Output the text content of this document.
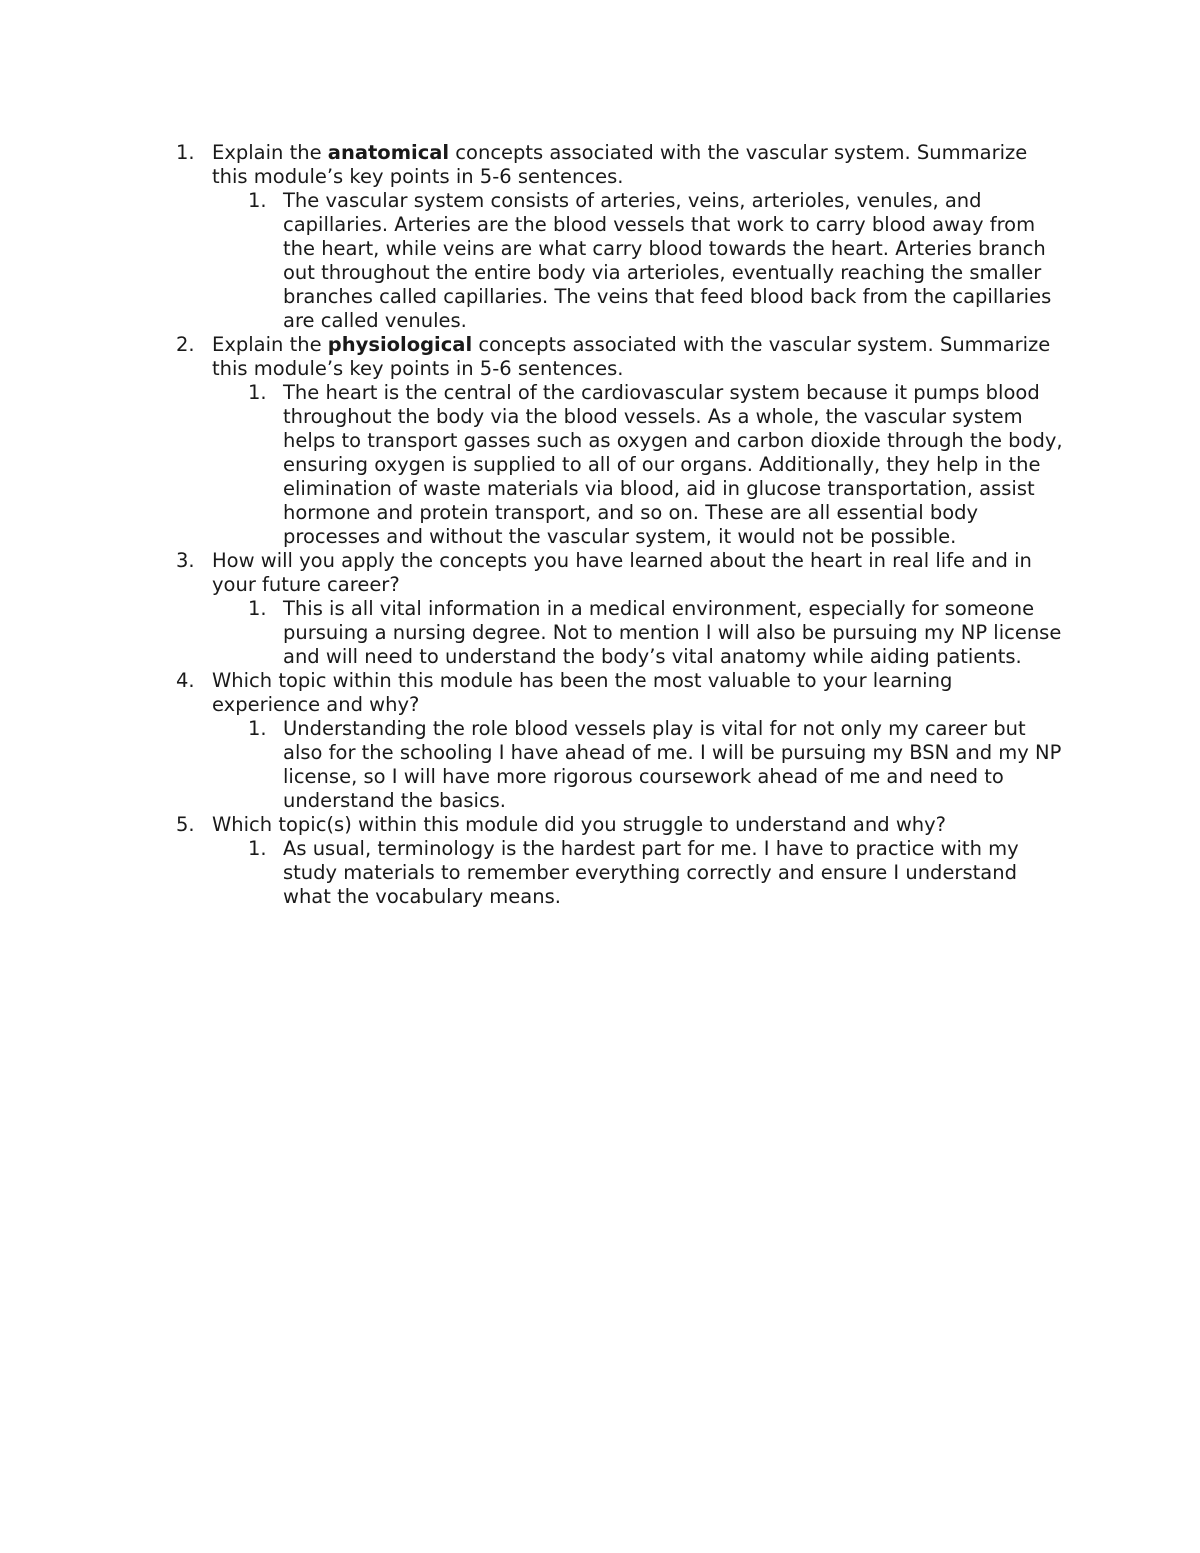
1. Explain the anatomical concepts associated with the vascular system. Summarize this module’s key points in 5-6 sentences.
1. The vascular system consists of arteries, veins, arterioles, venules, and capillaries. Arteries are the blood vessels that work to carry blood away from the heart, while veins are what carry blood towards the heart. Arteries branch out throughout the entire body via arterioles, eventually reaching the smaller branches called capillaries. The veins that feed blood back from the capillaries are called venules.
2. Explain the physiological concepts associated with the vascular system. Summarize this module’s key points in 5-6 sentences.
1. The heart is the central of the cardiovascular system because it pumps blood throughout the body via the blood vessels. As a whole, the vascular system helps to transport gasses such as oxygen and carbon dioxide through the body, ensuring oxygen is supplied to all of our organs. Additionally, they help in the elimination of waste materials via blood, aid in glucose transportation, assist hormone and protein transport, and so on. These are all essential body processes and without the vascular system, it would not be possible.
3. How will you apply the concepts you have learned about the heart in real life and in your future career?
1. This is all vital information in a medical environment, especially for someone pursuing a nursing degree. Not to mention I will also be pursuing my NP license and will need to understand the body’s vital anatomy while aiding patients.
4. Which topic within this module has been the most valuable to your learning experience and why?
1. Understanding the role blood vessels play is vital for not only my career but also for the schooling I have ahead of me. I will be pursuing my BSN and my NP license, so I will have more rigorous coursework ahead of me and need to understand the basics.
5. Which topic(s) within this module did you struggle to understand and why?
1. As usual, terminology is the hardest part for me. I have to practice with my study materials to remember everything correctly and ensure I understand what the vocabulary means.
